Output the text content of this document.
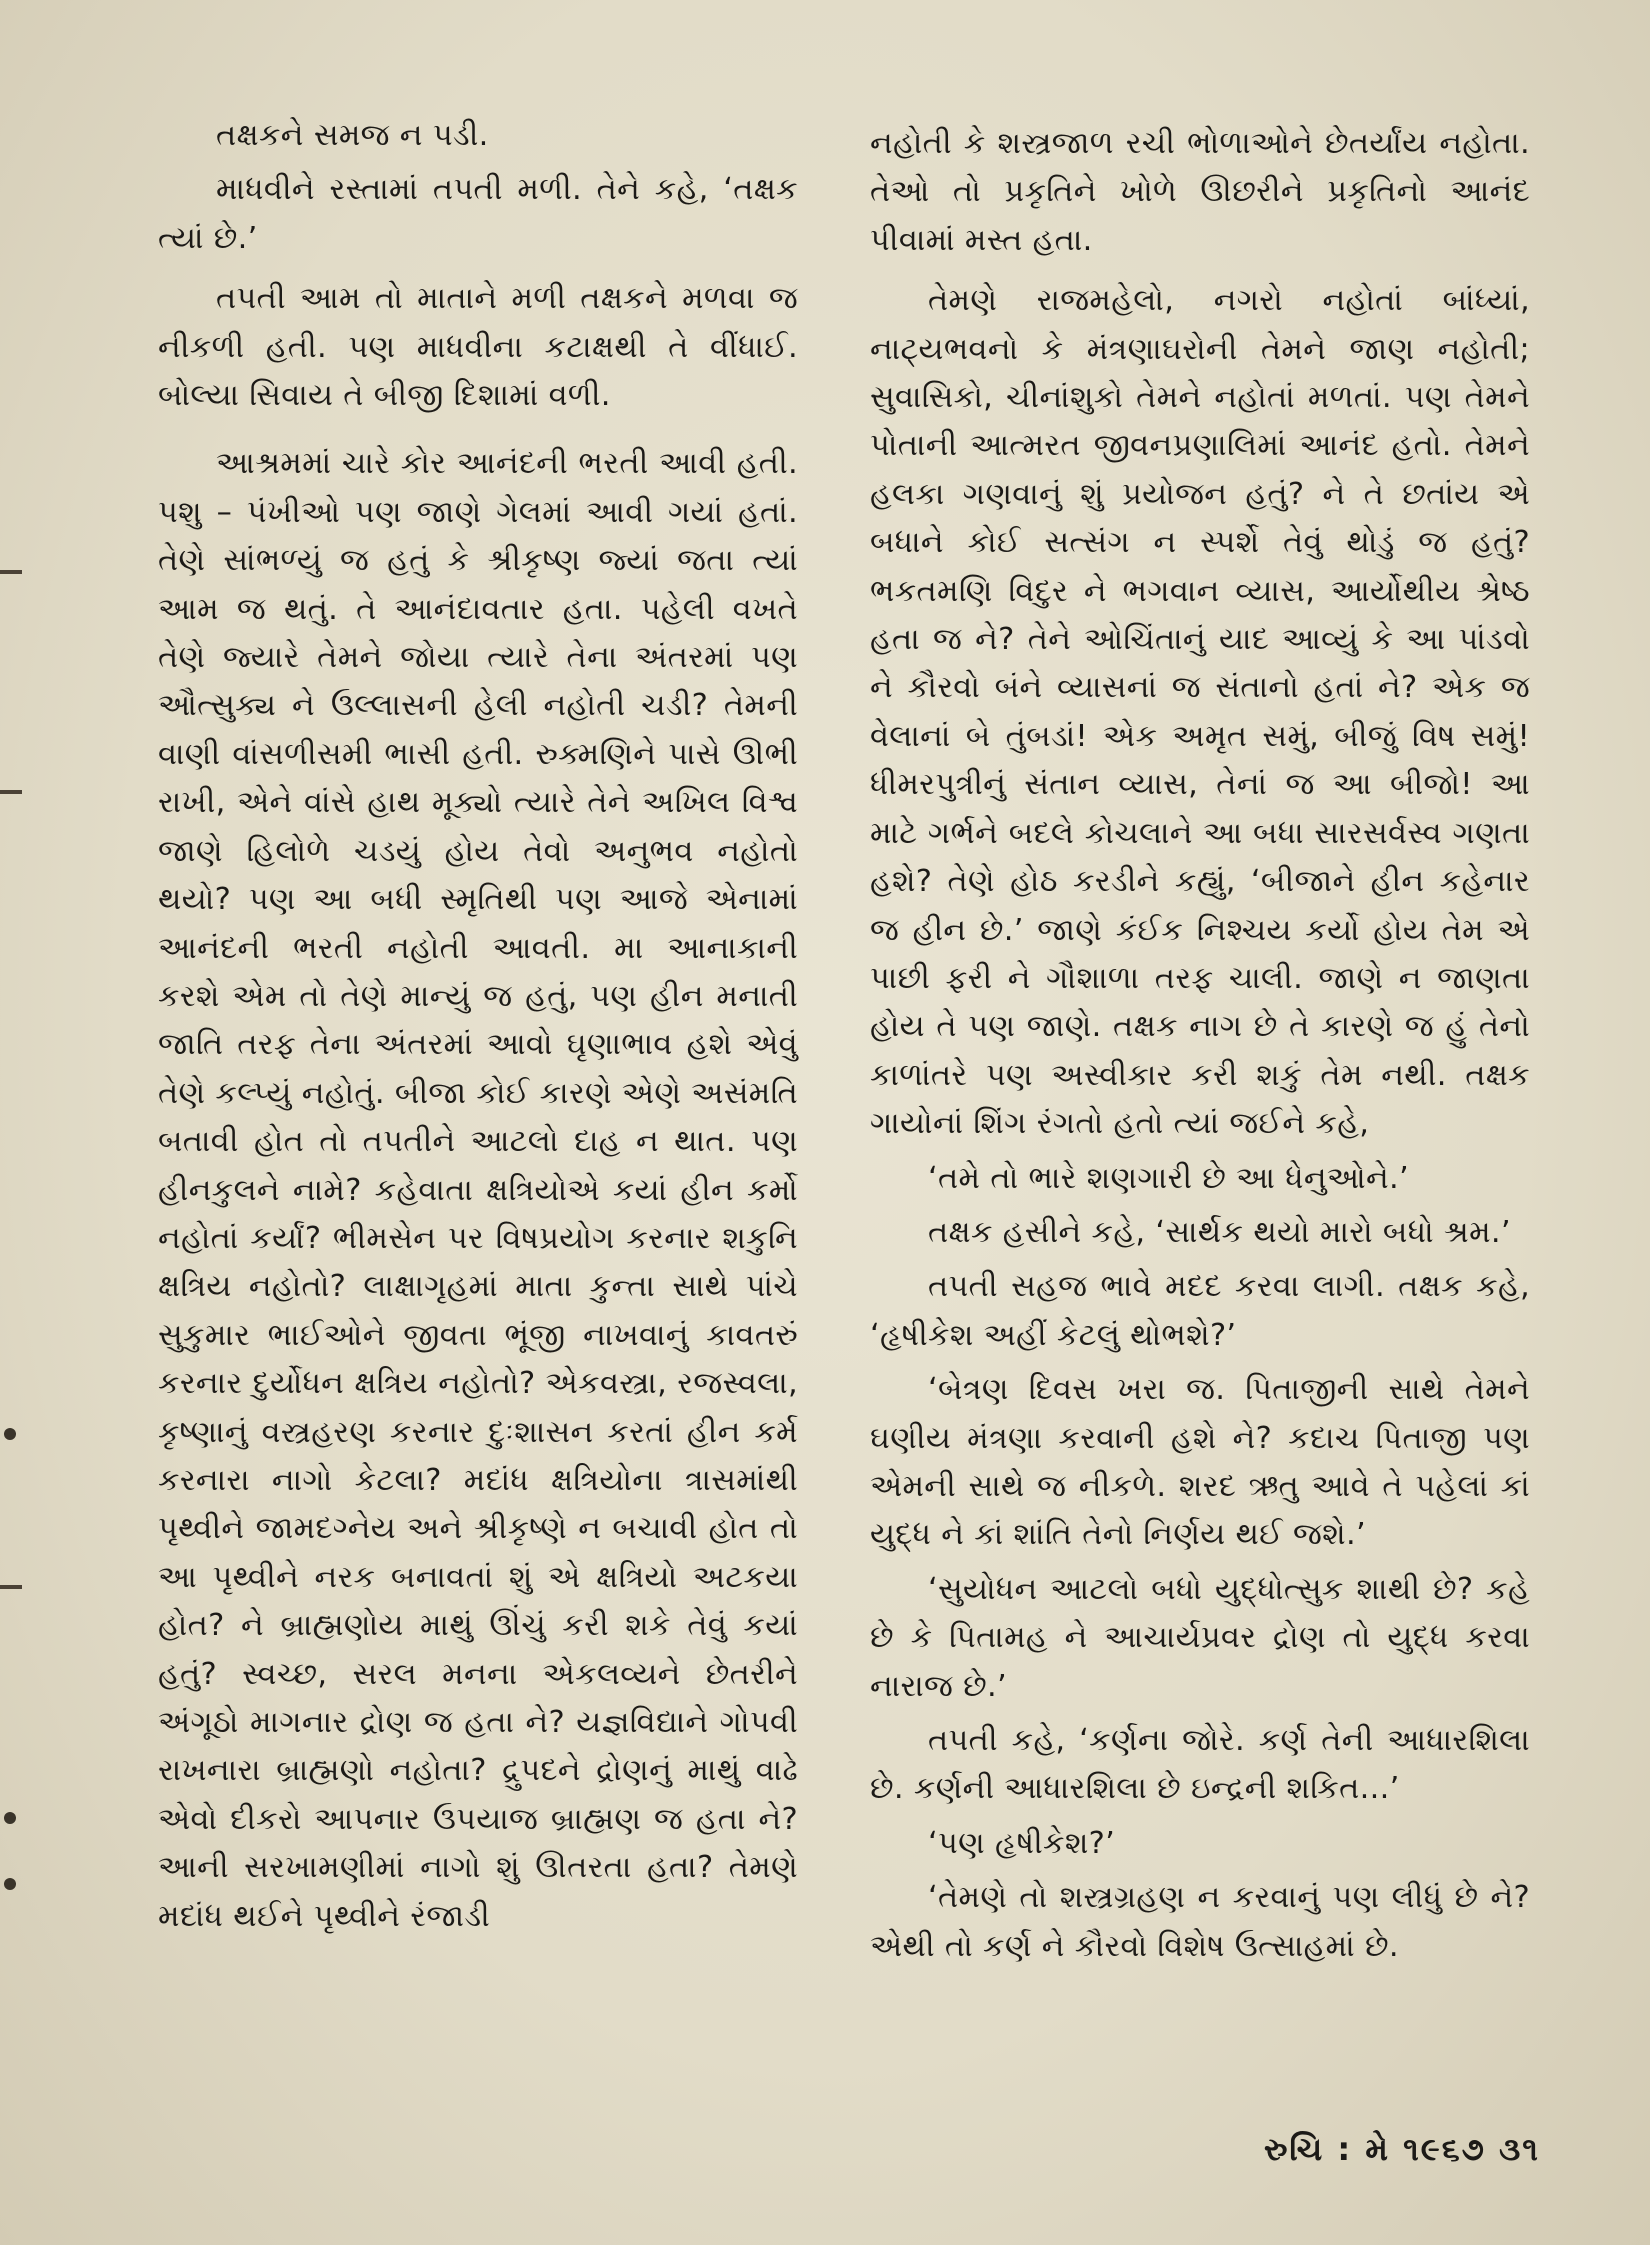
તક્ષકને સમજ ન પડી.

માધવીને રસ્તામાં તપતી મળી. તેને કહે, ‘તક્ષક ત્યાં છે.’

તપતી આમ તો માતાને મળી તક્ષકને મળવા જ નીકળી હતી. પણ માધવીના કટાક્ષથી તે વીંધાઈ. બોલ્યા સિવાય તે બીજી દિશામાં વળી.

આશ્રમમાં ચારે કોર આનંદની ભરતી આવી હતી. પશુ – પંખીઓ પણ જાણે ગેલમાં આવી ગયાં હતાં. તેણે સાંભળ્યું જ હતું કે શ્રીકૃષ્ણ જ્યાં જતા ત્યાં આમ જ થતું. તે આનંદાવતાર હતા. પહેલી વખતે તેણે જ્યારે તેમને જોયા ત્યારે તેના અંતરમાં પણ ઔત્સુક્ય ને ઉલ્લાસની હેલી નહોતી ચડી? તેમની વાણી વાંસળીસમી ભાસી હતી. રુક્મણિને પાસે ઊભી રાખી, એને વાંસે હાથ મૂક્યો ત્યારે તેને અખિલ વિશ્વ જાણે હિલોળે ચડયું હોય તેવો અનુભવ નહોતો થયો? પણ આ બધી સ્મૃતિથી પણ આજે એનામાં આનંદની ભરતી નહોતી આવતી. મા આનાકાની કરશે એમ તો તેણે માન્યું જ હતું, પણ હીન મનાતી જાતિ તરફ તેના અંતરમાં આવો ઘૃણાભાવ હશે એવું તેણે કલ્પ્યું નહોતું. બીજા કોઈ કારણે એણે અસંમતિ બતાવી હોત તો તપતીને આટલો દાહ ન થાત. પણ હીનકુલને નામે? કહેવાતા ક્ષત્રિયોએ કયાં હીન કર્મો નહોતાં કર્યાં? ભીમસેન પર વિષપ્રયોગ કરનાર શકુનિ ક્ષત્રિય નહોતો? લાક્ષાગૃહમાં માતા કુન્તા સાથે પાંચે સુકુમાર ભાઈઓને જીવતા ભૂંજી નાખવાનું કાવતરું કરનાર દુર્યોધન ક્ષત્રિય નહોતો? એકવસ્ત્રા, રજસ્વલા, કૃષ્ણાનું વસ્ત્રહરણ કરનાર દુઃશાસન કરતાં હીન કર્મ કરનારા નાગો કેટલા? મદાંધ ક્ષત્રિયોના ત્રાસમાંથી પૃથ્વીને જામદગ્નેય અને શ્રીકૃષ્ણે ન બચાવી હોત તો આ પૃથ્વીને નરક બનાવતાં શું એ ક્ષત્રિયો અટકયા હોત? ને બ્રાહ્મણોય માથું ઊંચું કરી શકે તેવું કયાં હતું? સ્વચ્છ, સરલ મનના એકલવ્યને છેતરીને અંગૂઠો માગનાર દ્રોણ જ હતા ને? યજ્ઞવિદ્યાને ગોપવી રાખનારા બ્રાહ્મણો નહોતા? દ્રુપદને દ્રોણનું માથું વાઢે એવો દીકરો આપનાર ઉપયાજ બ્રાહ્મણ જ હતા ને? આની સરખામણીમાં નાગો શું ઊતરતા હતા? તેમણે મદાંધ થઈને પૃથ્વીને રંજાડી

નહોતી કે શસ્ત્રજાળ રચી ભોળાઓને છેતર્યાંય નહોતા. તેઓ તો પ્રકૃતિને ખોળે ઊછરીને પ્રકૃતિનો આનંદ પીવામાં મસ્ત હતા.

તેમણે રાજમહેલો, નગરો નહોતાં બાંધ્યાં, નાટ્યભવનો કે મંત્રણાઘરોની તેમને જાણ નહોતી; સુવાસિકો, ચીનાંશુકો તેમને નહોતાં મળતાં. પણ તેમને પોતાની આત્મરત જીવનપ્રણાલિમાં આનંદ હતો. તેમને હલકા ગણવાનું શું પ્રયોજન હતું? ને તે છતાંય એ બધાને કોઈ સત્સંગ ન સ્પર્શે તેવું થોડું જ હતું? ભકતમણિ વિદુર ને ભગવાન વ્યાસ, આર્યોથીય શ્રેષ્ઠ હતા જ ને? તેને ઓચિંતાનું યાદ આવ્યું કે આ પાંડવો ને કૌરવો બંને વ્યાસનાં જ સંતાનો હતાં ને? એક જ વેલાનાં બે તુંબડાં! એક અમૃત સમું, બીજું વિષ સમું! ધીમરપુત્રીનું સંતાન વ્યાસ, તેનાં જ આ બીજો! આ માટે ગર્ભને બદલે કોચલાને આ બધા સારસર્વસ્વ ગણતા હશે? તેણે હોઠ કરડીને કહ્યું, ‘બીજાને હીન કહેનાર જ હીન છે.’ જાણે કંઈક નિશ્ચય કર્યો હોય તેમ એ પાછી ફરી ને ગૌશાળા તરફ ચાલી. જાણે ન જાણતા હોય તે પણ જાણે. તક્ષક નાગ છે તે કારણે જ હું તેનો કાળાંતરે પણ અસ્વીકાર કરી શકું તેમ નથી. તક્ષક ગાયોનાં શિંગ રંગતો હતો ત્યાં જઈને કહે,

‘તમે તો ભારે શણગારી છે આ ધેનુઓને.’

તક્ષક હસીને કહે, ‘સાર્થક થયો મારો બધો શ્રમ.’

તપતી સહજ ભાવે મદદ કરવા લાગી. તક્ષક કહે, ‘હૃષીકેશ અહીં કેટલું થોભશે?’

‘બેત્રણ દિવસ ખરા જ. પિતાજીની સાથે તેમને ઘણીય મંત્રણા કરવાની હશે ને? કદાચ પિતાજી પણ એમની સાથે જ નીકળે. શરદ ઋતુ આવે તે પહેલાં કાં યુદ્ધ ને કાં શાંતિ તેનો નિર્ણય થઈ જશે.’

‘સુયોધન આટલો બધો યુદ્ધોત્સુક શાથી છે? કહે છે કે પિતામહ ને આચાર્યપ્રવર દ્રોણ તો યુદ્ધ કરવા નારાજ છે.’

તપતી કહે, ‘કર્ણના જોરે. કર્ણ તેની આધારશિલા છે. કર્ણની આધારશિલા છે ઇન્દ્રની શકિત...’

‘પણ હૃષીકેશ?’

‘તેમણે તો શસ્ત્રગ્રહણ ન કરવાનું પણ લીધું છે ને? એથી તો કર્ણ ને કૌરવો વિશેષ ઉત્સાહમાં છે.

રુચિ : મે ૧૯૬૭ ૩૧
